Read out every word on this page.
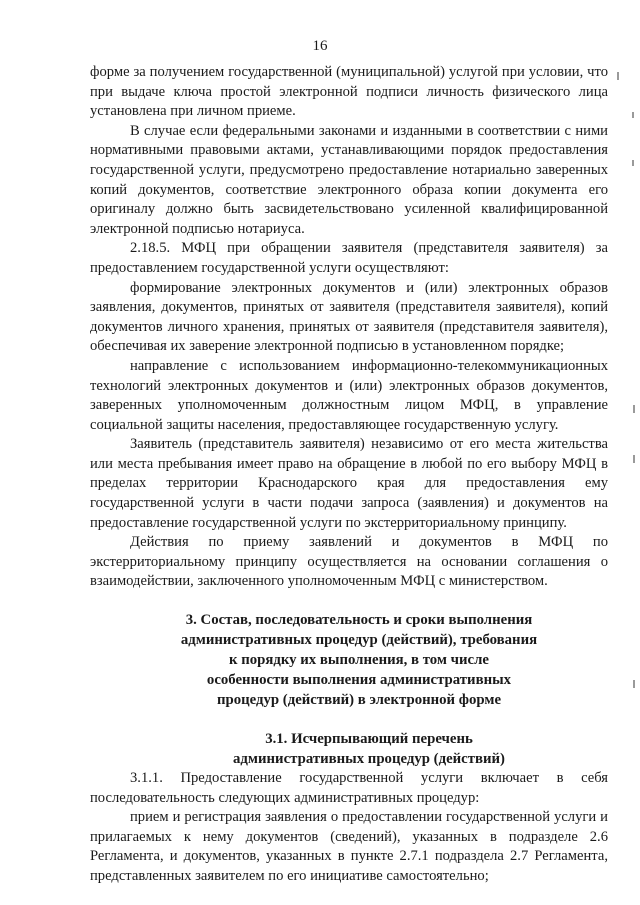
16

форме за получением государственной (муниципальной) услугой при условии, что при выдаче ключа простой электронной подписи личность физического лица установлена при личном приеме.

В случае если федеральными законами и изданными в соответствии с ними нормативными правовыми актами, устанавливающими порядок предоставления государственной услуги, предусмотрено предоставление нотариально заверенных копий документов, соответствие электронного образа копии документа его оригиналу должно быть засвидетельствовано усиленной квалифицированной электронной подписью нотариуса.

2.18.5. МФЦ при обращении заявителя (представителя заявителя) за предоставлением государственной услуги осуществляют:

формирование электронных документов и (или) электронных образов заявления, документов, принятых от заявителя (представителя заявителя), копий документов личного хранения, принятых от заявителя (представителя заявителя), обеспечивая их заверение электронной подписью в установленном порядке;

направление с использованием информационно-телекоммуникационных технологий электронных документов и (или) электронных образов документов, заверенных уполномоченным должностным лицом МФЦ, в управление социальной защиты населения, предоставляющее государственную услугу.

Заявитель (представитель заявителя) независимо от его места жительства или места пребывания имеет право на обращение в любой по его выбору МФЦ в пределах территории Краснодарского края для предоставления ему государственной услуги в части подачи запроса (заявления) и документов на предоставление государственной услуги по экстерриториальному принципу.

Действия по приему заявлений и документов в МФЦ по экстерриториальному принципу осуществляется на основании соглашения о взаимодействии, заключенного уполномоченным МФЦ с министерством.

3. Состав, последовательность и сроки выполнения
административных процедур (действий), требования
к порядку их выполнения, в том числе
особенности выполнения административных
процедур (действий) в электронной форме
3.1. Исчерпывающий перечень
административных процедур (действий)

3.1.1. Предоставление государственной услуги включает в себя последовательность следующих административных процедур:

прием и регистрация заявления о предоставлении государственной услуги и прилагаемых к нему документов (сведений), указанных в подразделе 2.6 Регламента, и документов, указанных в пункте 2.7.1 подраздела 2.7 Регламента, представленных заявителем по его инициативе самостоятельно;
